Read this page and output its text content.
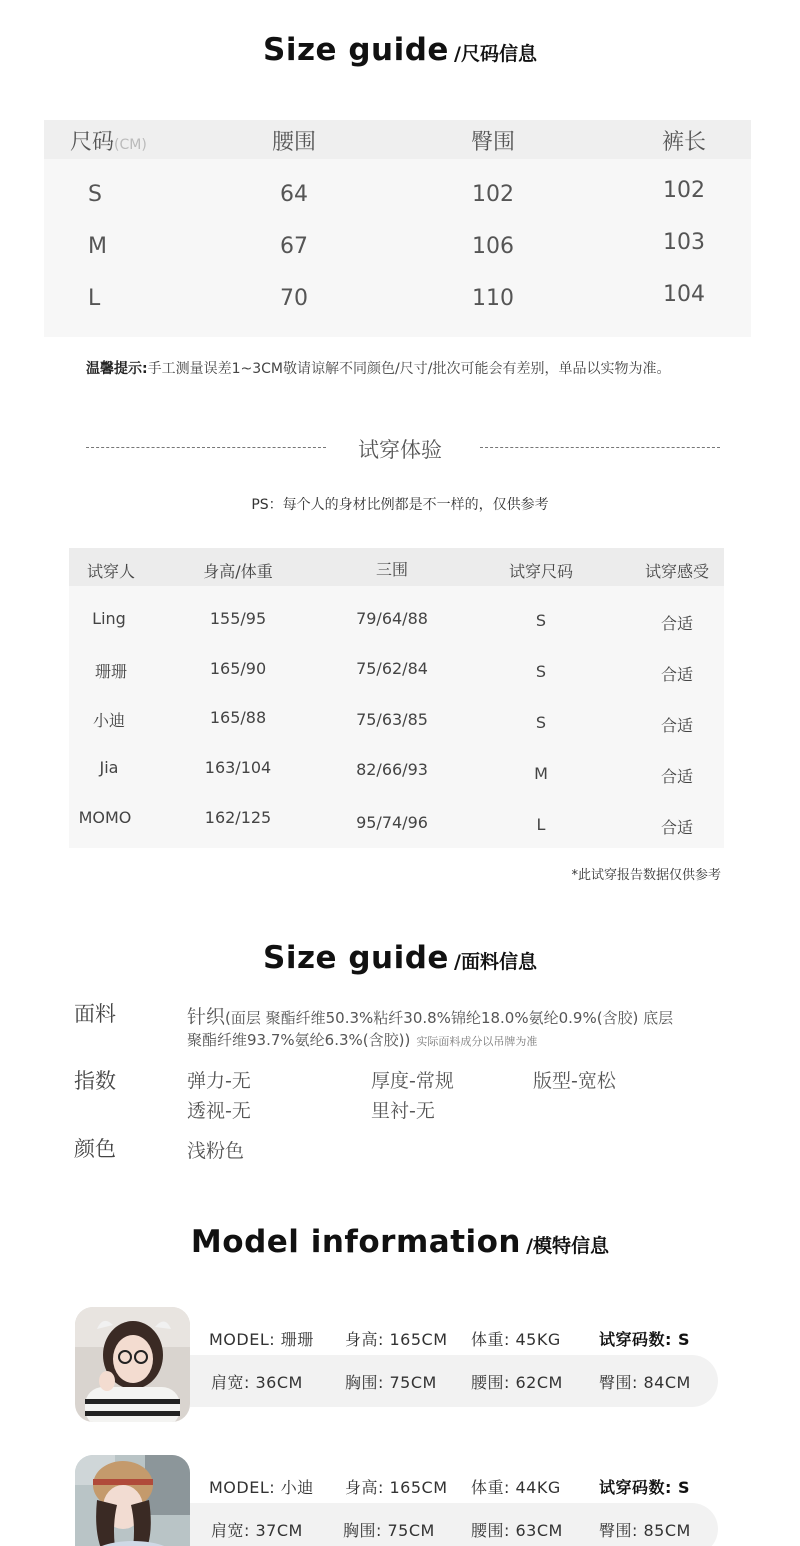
Size guide /尺码信息
尺码(CM)	腰围	臀围	裤长
S	64	102	102
M	67	106	103
L	70	110	104
温馨提示:手工测量误差1~3CM敬请谅解不同颜色/尺寸/批次可能会有差别，单品以实物为准。
试穿体验
PS：每个人的身材比例都是不一样的，仅供参考
试穿人	身高/体重	三围	试穿尺码	试穿感受
Ling	155/95	79/64/88	S	合适
珊珊	165/90	75/62/84	S	合适
小迪	165/88	75/63/85	S	合适
Jia	163/104	82/66/93	M	合适
MOMO	162/125	95/74/96	L	合适
*此试穿报告数据仅供参考
Size guide /面料信息
面料	针织(面层 聚酯纤维50.3%粘纤30.8%锦纶18.0%氨纶0.9%(含胶) 底层
聚酯纤维93.7%氨纶6.3%(含胶)) 实际面料成分以吊牌为准
指数	弹力-无	厚度-常规	版型-宽松
透视-无	里衬-无
颜色	浅粉色
Model information /模特信息
MODEL: 珊珊 身高: 165CM 体重: 45KG 试穿码数: S
肩宽: 36CM	胸围: 75CM 腰围: 62CM 臀围: 84CM
MODEL: 小迪 身高: 165CM 体重: 44KG 试穿码数: S
肩宽: 37CM	胸围: 75CM 腰围: 63CM 臀围: 85CM
